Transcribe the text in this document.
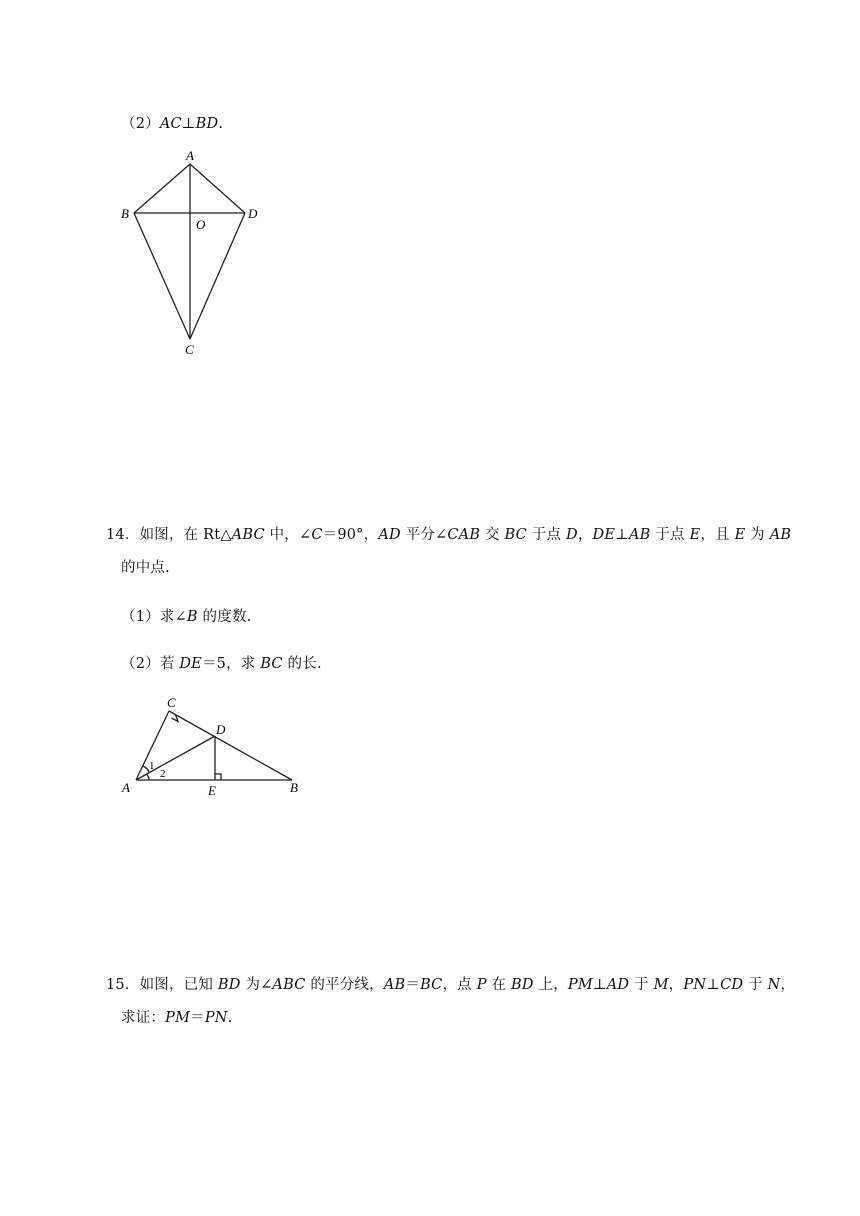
（2）AC⊥BD.
A
B	D
O
C
14．如图，在 Rt△ABC 中，∠C＝90°，AD 平分∠CAB 交 BC 于点 D，DE⊥AB 于点 E，且 E 为 AB
的中点.
（1）求∠B 的度数.
（2）若 DE＝5，求 BC 的长.
C
D
A	E	B
1
2
15．如图，已知 BD 为∠ABC 的平分线，AB＝BC，点 P 在 BD 上，PM⊥AD 于 M，PN⊥CD 于 N，
求证：PM＝PN.
